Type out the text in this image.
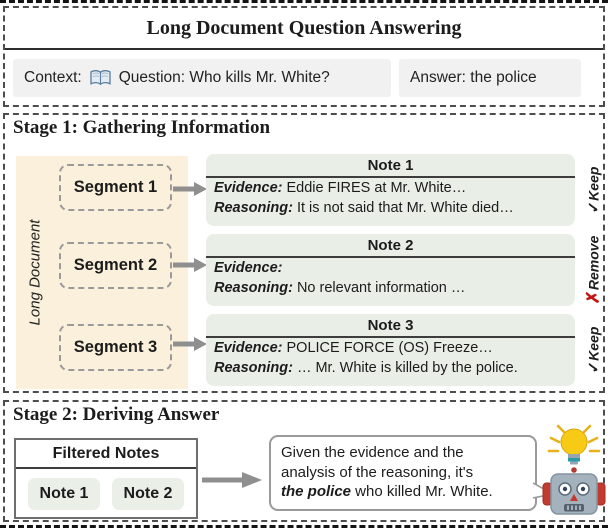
Long Document Question Answering
Context: Question: Who kills Mr. White?	Answer: the police
Stage 1: Gathering Information
Long Document
Segment 1
Segment 2
Segment 3
Note 1
Evidence: Eddie FIRES at Mr. White…
Reasoning: It is not said that Mr. White died…
Note 2
Evidence:
Reasoning: No relevant information …
Note 3
Evidence: POLICE FORCE (OS) Freeze…
Reasoning: … Mr. White is killed by the police.
✓Keep
✗Remove
✓Keep
Stage 2: Deriving Answer
Filtered Notes
Note 1	Note 2
Given the evidence and the
analysis of the reasoning, it's
the police who killed Mr. White.
